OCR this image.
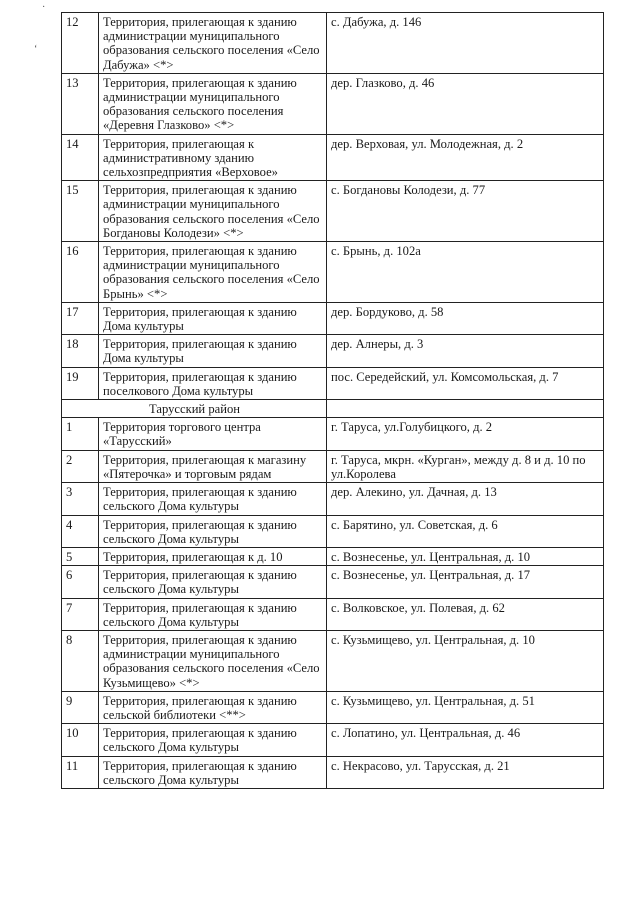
·
‘
12	Территория, прилегающая к зданию администрации муниципального образования сельского поселения «Село Дабужа» <*>	с. Дабужа, д. 146
13	Территория, прилегающая к зданию администрации муниципального образования сельского поселения «Деревня Глазково» <*>	дер. Глазково, д. 46
14	Территория, прилегающая к административному зданию сельхозпредприятия «Верховое»	дер. Верховая, ул. Молодежная, д. 2
15	Территория, прилегающая к зданию администрации муниципального образования сельского поселения «Село Богдановы Колодези» <*>	с. Богдановы Колодези, д. 77
16	Территория, прилегающая к зданию администрации муниципального образования сельского поселения «Село Брынь» <*>	с. Брынь, д. 102а
17	Территория, прилегающая к зданию Дома культуры	дер. Бордуково, д. 58
18	Территория, прилегающая к зданию Дома культуры	дер. Алнеры, д. 3
19	Территория, прилегающая к зданию поселкового Дома культуры	пос. Середейский, ул. Комсомольская, д. 7
Тарусский район		
1	Территория торгового центра «Тарусский»	г. Таруса, ул.Голубицкого, д. 2
2	Территория, прилегающая к магазину «Пятерочка» и торговым рядам	г. Таруса, мкрн. «Курган», между д. 8 и д. 10 по ул.Королева
3	Территория, прилегающая к зданию сельского Дома культуры	дер. Алекино, ул. Дачная, д. 13
4	Территория, прилегающая к зданию сельского Дома культуры	с. Барятино, ул. Советская, д. 6
5	Территория, прилегающая к д. 10	с. Вознесенье, ул. Центральная, д. 10
6	Территория, прилегающая к зданию сельского Дома культуры	с. Вознесенье, ул. Центральная, д. 17
7	Территория, прилегающая к зданию сельского Дома культуры	с. Волковское, ул. Полевая, д. 62
8	Территория, прилегающая к зданию администрации муниципального образования сельского поселения «Село Кузьмищево» <*>	с. Кузьмищево, ул. Центральная, д. 10
9	Территория, прилегающая к зданию сельской библиотеки <**>	с. Кузьмищево, ул. Центральная, д. 51
10	Территория, прилегающая к зданию сельского Дома культуры	с. Лопатино, ул. Центральная, д. 46
11	Территория, прилегающая к зданию сельского Дома культуры	с. Некрасово, ул. Тарусская, д. 21
